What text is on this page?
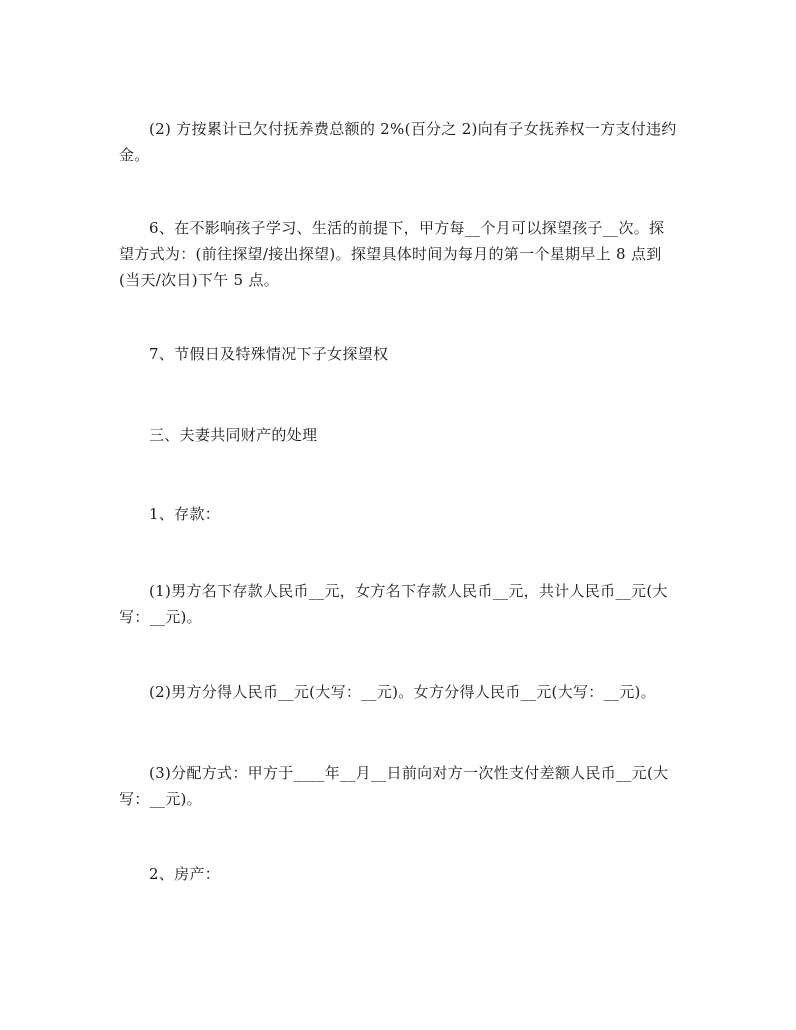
(2) 方按累计已欠付抚养费总额的 2%(百分之 2)向有子女抚养权一方支付违约
金。

6、在不影响孩子学习、生活的前提下，甲方每__个月可以探望孩子__次。探
望方式为：(前往探望/接出探望)。探望具体时间为每月的第一个星期早上 8 点到
(当天/次日)下午 5 点。

7、节假日及特殊情况下子女探望权

三、夫妻共同财产的处理

1、存款：

(1)男方名下存款人民币__元，女方名下存款人民币__元，共计人民币__元(大
写：__元)。

(2)男方分得人民币__元(大写：__元)。女方分得人民币__元(大写：__元)。

(3)分配方式：甲方于____年__月__日前向对方一次性支付差额人民币__元(大
写：__元)。

2、房产：
